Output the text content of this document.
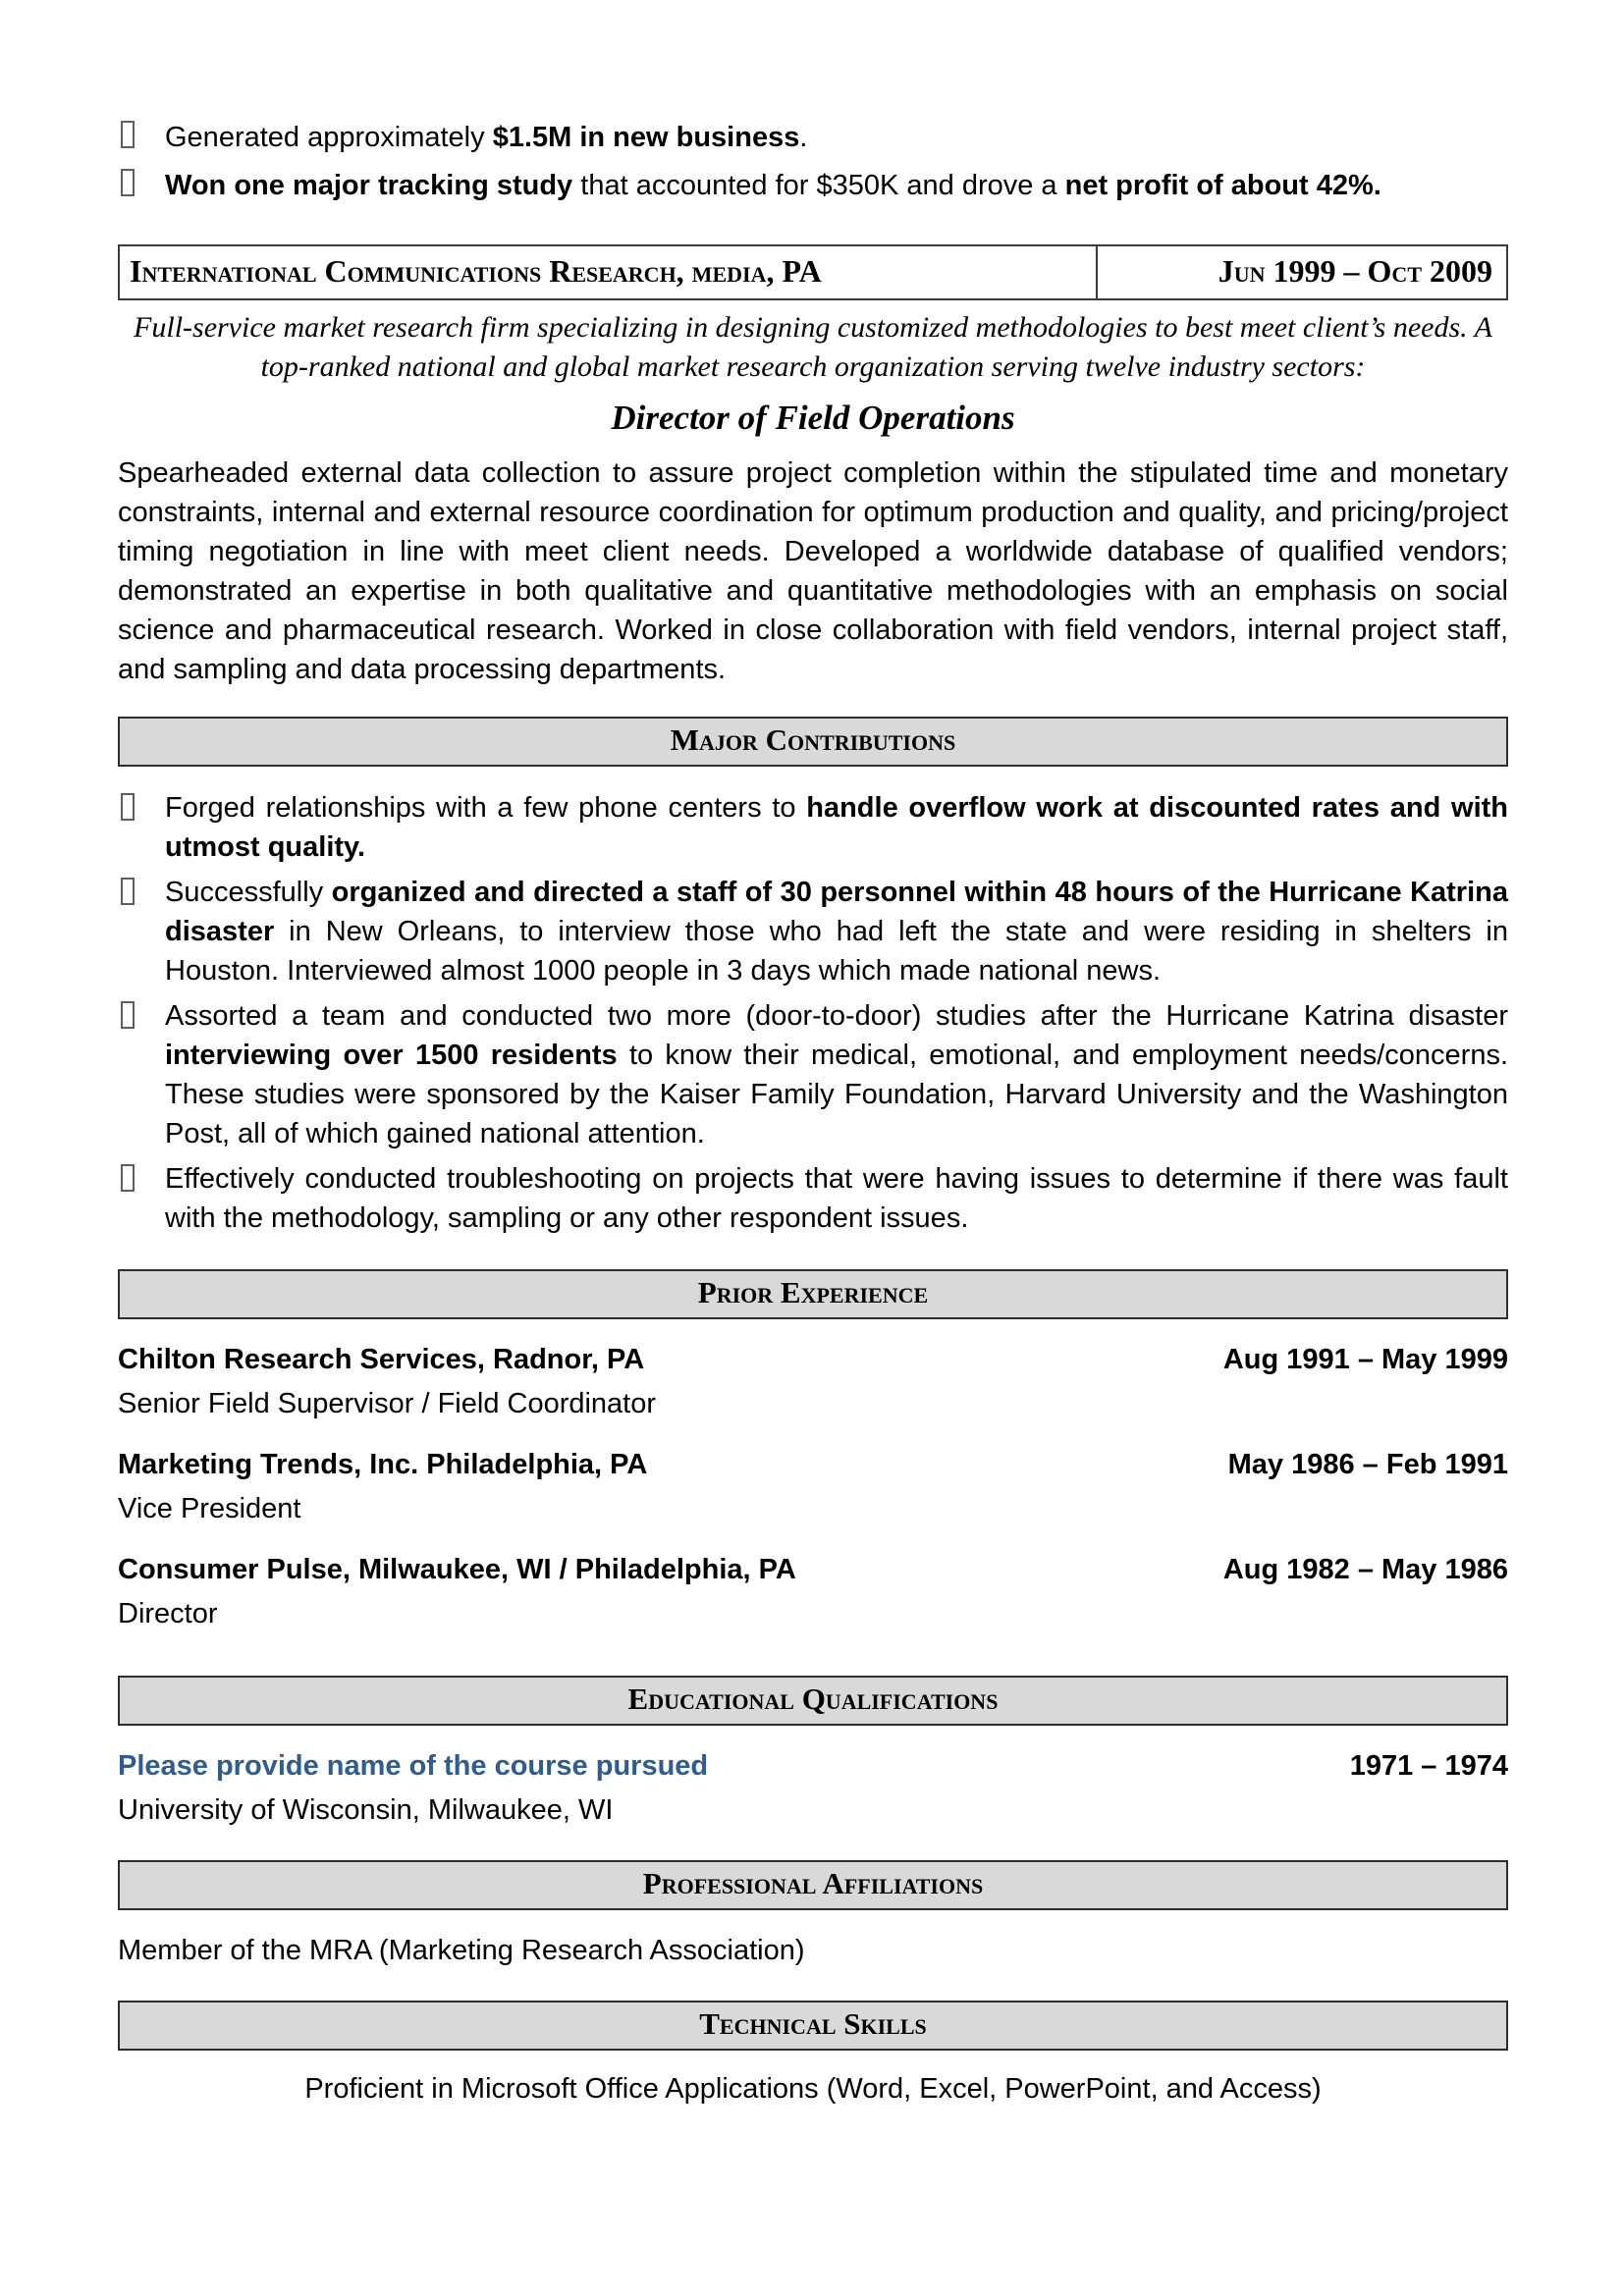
Generated approximately $1.5M in new business.
Won one major tracking study that accounted for $350K and drove a net profit of about 42%.
International Communications Research, media, PA	Jun 1999 – Oct 2009

Full-service market research firm specializing in designing customized methodologies to best meet client’s needs. A top-ranked national and global market research organization serving twelve industry sectors:

Director of Field Operations

Spearheaded external data collection to assure project completion within the stipulated time and monetary constraints, internal and external resource coordination for optimum production and quality, and pricing/project timing negotiation in line with meet client needs. Developed a worldwide database of qualified vendors; demonstrated an expertise in both qualitative and quantitative methodologies with an emphasis on social science and pharmaceutical research. Worked in close collaboration with field vendors, internal project staff, and sampling and data processing departments.

Major Contributions
Forged relationships with a few phone centers to handle overflow work at discounted rates and with utmost quality.
Successfully organized and directed a staff of 30 personnel within 48 hours of the Hurricane Katrina disaster in New Orleans, to interview those who had left the state and were residing in shelters in Houston. Interviewed almost 1000 people in 3 days which made national news.
Assorted a team and conducted two more (door-to-door) studies after the Hurricane Katrina disaster interviewing over 1500 residents to know their medical, emotional, and employment needs/concerns. These studies were sponsored by the Kaiser Family Foundation, Harvard University and the Washington Post, all of which gained national attention.
Effectively conducted troubleshooting on projects that were having issues to determine if there was fault with the methodology, sampling or any other respondent issues.
Prior Experience
Chilton Research Services, Radnor, PA	Aug 1991 – May 1999
Senior Field Supervisor / Field Coordinator
Marketing Trends, Inc. Philadelphia, PA	May 1986 – Feb 1991
Vice President
Consumer Pulse, Milwaukee, WI / Philadelphia, PA	Aug 1982 – May 1986
Director
Educational Qualifications
Please provide name of the course pursued	1971 – 1974
University of Wisconsin, Milwaukee, WI
Professional Affiliations

Member of the MRA (Marketing Research Association)

Technical Skills

Proficient in Microsoft Office Applications (Word, Excel, PowerPoint, and Access)
